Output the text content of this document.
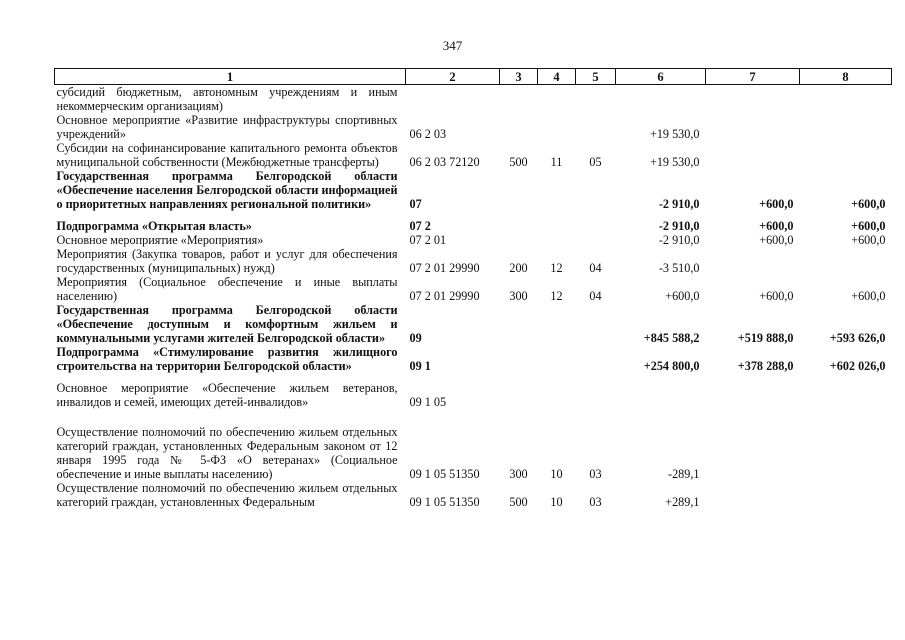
347
1	2	3	4	5	6	7	8
субсидий бюджетным, автономным учреждениям и иным некоммерческим организациям)							
Основное мероприятие «Развитие инфраструктуры спортивных учреждений»	06 2 03				+19 530,0		
Субсидии на софинансирование капитального ремонта объектов муниципальной собственности (Межбюджетные трансферты)	06 2 03 72120	500	11	05	+19 530,0		
Государственная программа Белгородской области «Обеспечение населения Белгородской области информацией о приоритетных направлениях региональной политики»	07				-2 910,0	+600,0	+600,0

Подпрограмма «Открытая власть»	07 2				-2 910,0	+600,0	+600,0
Основное мероприятие «Мероприятия»	07 2 01				-2 910,0	+600,0	+600,0
Мероприятия (Закупка товаров, работ и услуг для обеспечения государственных (муниципальных) нужд)	07 2 01 29990	200	12	04	-3 510,0		
Мероприятия (Социальное обеспечение и иные выплаты населению)	07 2 01 29990	300	12	04	+600,0	+600,0	+600,0
Государственная программа Белгородской области «Обеспечение доступным и комфортным жильем и коммунальными услугами жителей Белгородской области»	09				+845 588,2	+519 888,0	+593 626,0
Подпрограмма «Стимулирование развития жилищного строительства на территории Белгородской области»	09 1				+254 800,0	+378 288,0	+602 026,0

Основное мероприятие «Обеспечение жильем ветеранов, инвалидов и семей, имеющих детей-инвалидов»	09 1 05						

Осуществление полномочий по обеспечению жильем отдельных категорий граждан, установленных Федеральным законом от 12 января 1995 года № 5-ФЗ «О ветеранах» (Социальное обеспечение и иные выплаты населению)	09 1 05 51350	300	10	03	-289,1		
Осуществление полномочий по обеспечению жильем отдельных категорий граждан, установленных Федеральным	09 1 05 51350	500	10	03	+289,1		
